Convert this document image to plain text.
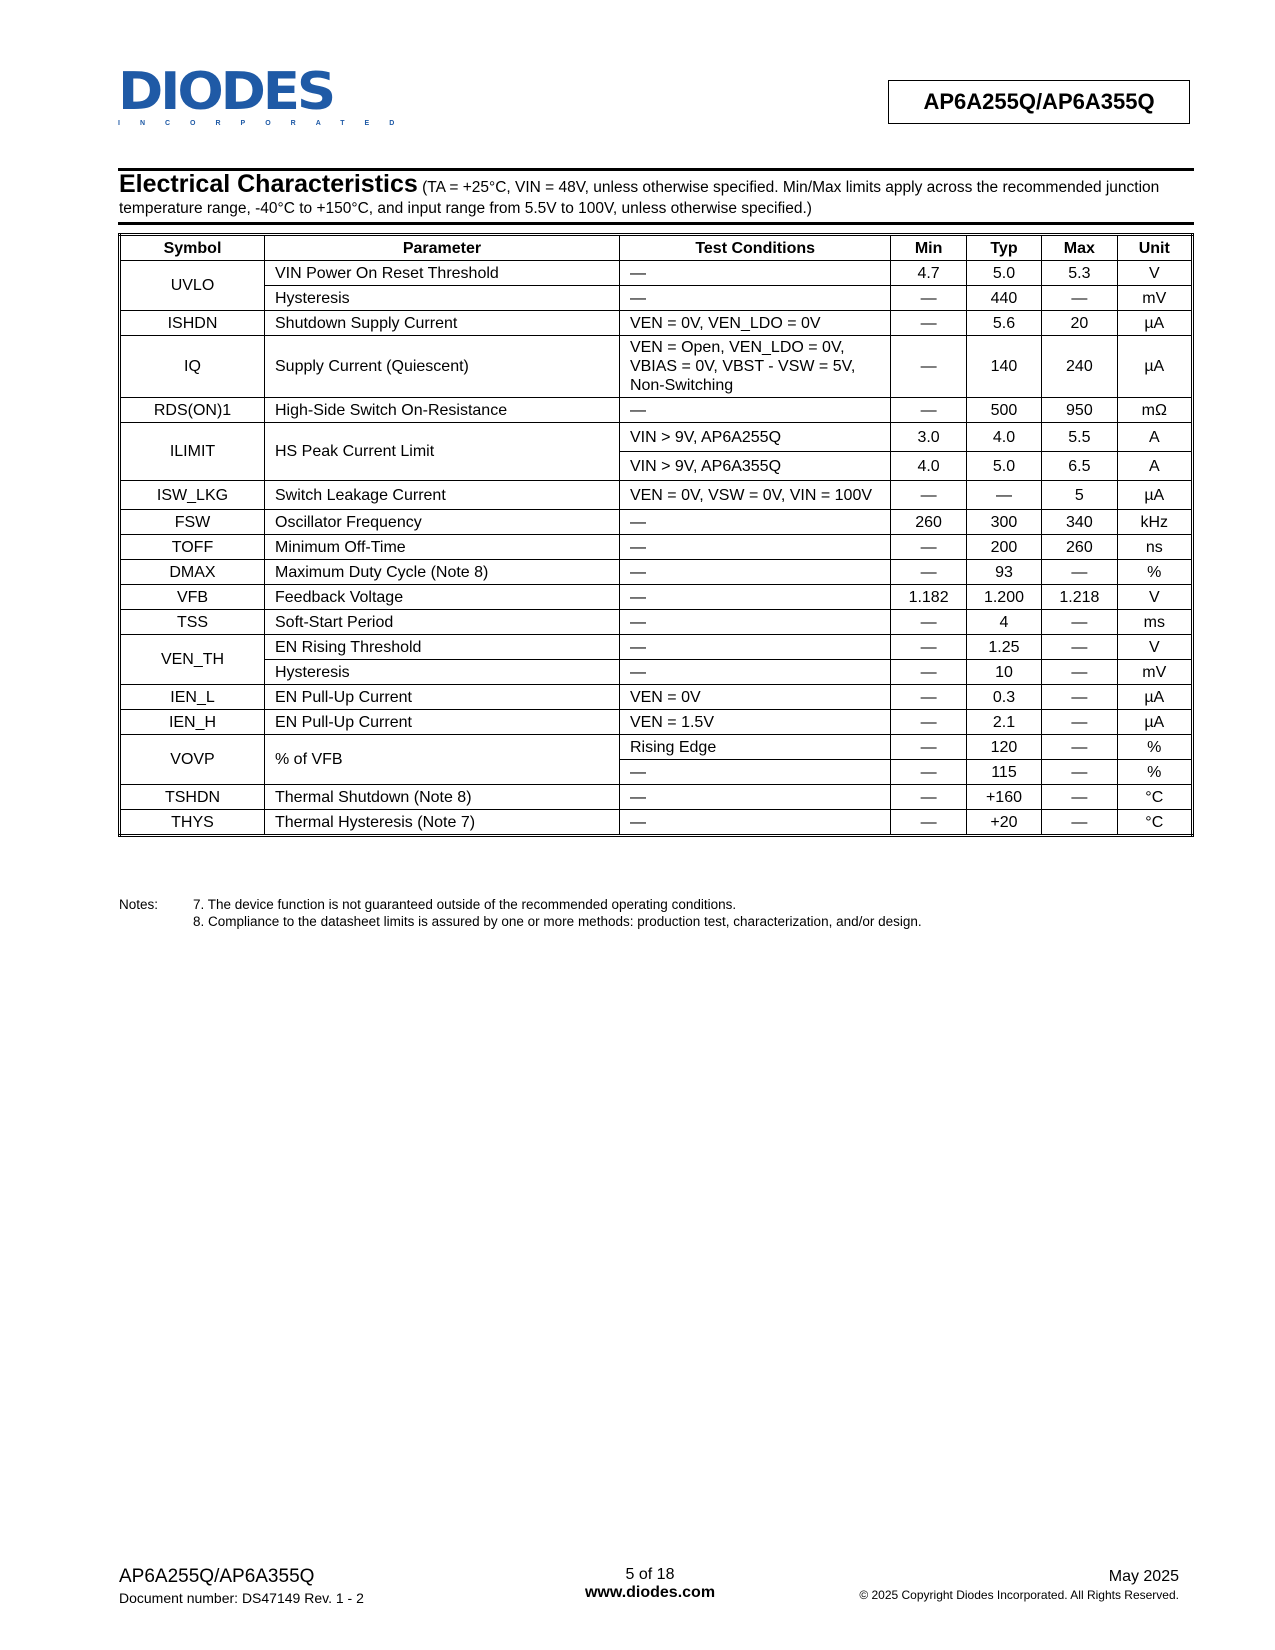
DIODES
INCORPORATED
AP6A255Q/AP6A355Q
Electrical Characteristics (TA = +25°C, VIN = 48V, unless otherwise specified. Min/Max limits apply across the recommended junction temperature range, -40°C to +150°C, and input range from 5.5V to 100V, unless otherwise specified.)
Symbol	Parameter	Test Conditions	Min	Typ	Max	Unit
UVLO	VIN Power On Reset Threshold	—	4.7	5.0	5.3	V
	Hysteresis	—	—	440	—	mV
ISHDN	Shutdown Supply Current	VEN = 0V, VEN_LDO = 0V	—	5.6	20	µA
IQ	Supply Current (Quiescent)	VEN = Open, VEN_LDO = 0V, VBIAS = 0V, VBST - VSW = 5V, Non-Switching	—	140	240	µA
RDS(ON)1	High-Side Switch On-Resistance	—	—	500	950	mΩ
ILIMIT	HS Peak Current Limit	VIN > 9V, AP6A255Q	3.0	4.0	5.5	A
		VIN > 9V, AP6A355Q	4.0	5.0	6.5	A
ISW_LKG	Switch Leakage Current	VEN = 0V, VSW = 0V, VIN = 100V	—	—	5	µA
FSW	Oscillator Frequency	—	260	300	340	kHz
TOFF	Minimum Off-Time	—	—	200	260	ns
DMAX	Maximum Duty Cycle (Note 8)	—	—	93	—	%
VFB	Feedback Voltage	—	1.182	1.200	1.218	V
TSS	Soft-Start Period	—	—	4	—	ms
VEN_TH	EN Rising Threshold	—	—	1.25	—	V
	Hysteresis	—	—	10	—	mV
IEN_L	EN Pull-Up Current	VEN = 0V	—	0.3	—	µA
IEN_H	EN Pull-Up Current	VEN = 1.5V	—	2.1	—	µA
VOVP	% of VFB	Rising Edge	—	120	—	%
		—	—	115	—	%
TSHDN	Thermal Shutdown (Note 8)	—	—	+160	—	°C
THYS	Thermal Hysteresis (Note 7)	—	—	+20	—	°C
Notes:	7. The device function is not guaranteed outside of the recommended operating conditions.
8. Compliance to the datasheet limits is assured by one or more methods: production test, characterization, and/or design.
AP6A255Q/AP6A355Q
Document number: DS47149 Rev. 1 - 2
5 of 18
www.diodes.com
May 2025
© 2025 Copyright Diodes Incorporated. All Rights Reserved.
